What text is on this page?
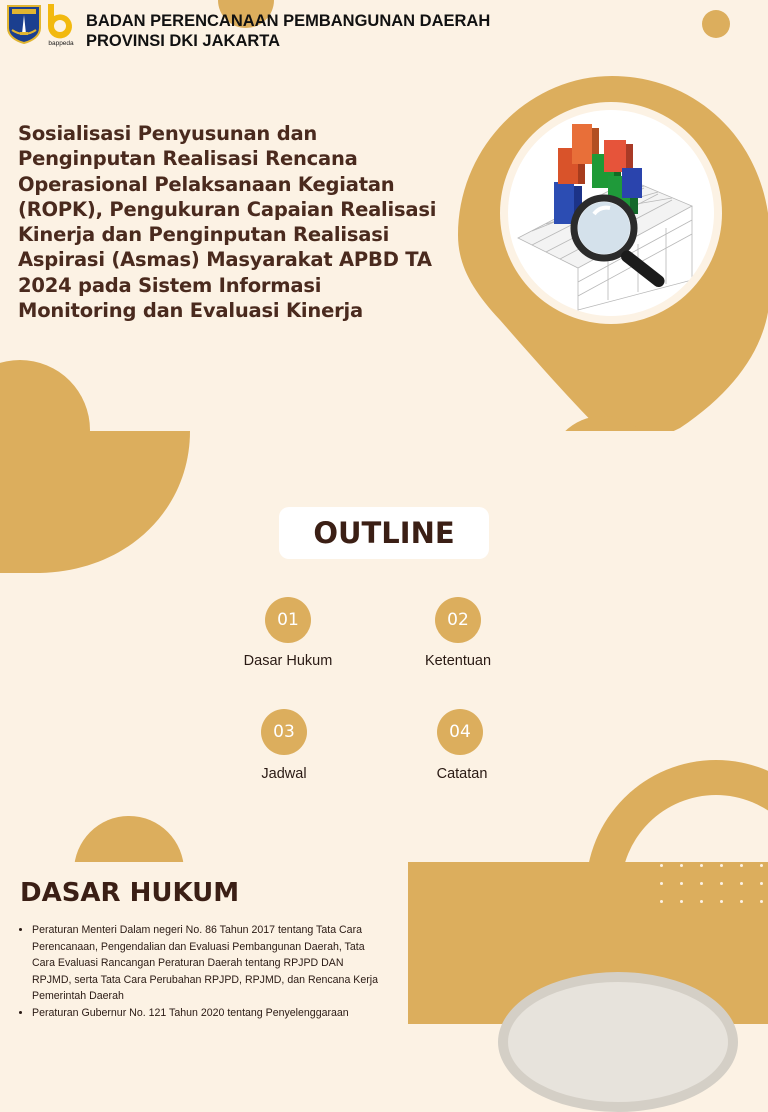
bappeda
BADAN PERENCANAAN PEMBANGUNAN DAERAH
PROVINSI DKI JAKARTA
Sosialisasi Penyusunan dan Penginputan Realisasi Rencana Operasional Pelaksanaan Kegiatan (ROPK), Pengukuran Capaian Realisasi Kinerja dan Penginputan Realisasi Aspirasi (Asmas) Masyarakat APBD TA 2024 pada Sistem Informasi Monitoring dan Evaluasi Kinerja
OUTLINE
01
Dasar Hukum
02
Ketentuan
03
Jadwal
04
Catatan
DASAR HUKUM
• Peraturan Menteri Dalam negeri No. 86 Tahun 2017 tentang Tata Cara Perencanaan, Pengendalian dan Evaluasi Pembangunan Daerah, Tata Cara Evaluasi Rancangan Peraturan Daerah tentang RPJPD DAN RPJMD, serta Tata Cara Perubahan RPJPD, RPJMD, dan Rencana Kerja Pemerintah Daerah
• Peraturan Gubernur No. 121 Tahun 2020 tentang Penyelenggaraan
